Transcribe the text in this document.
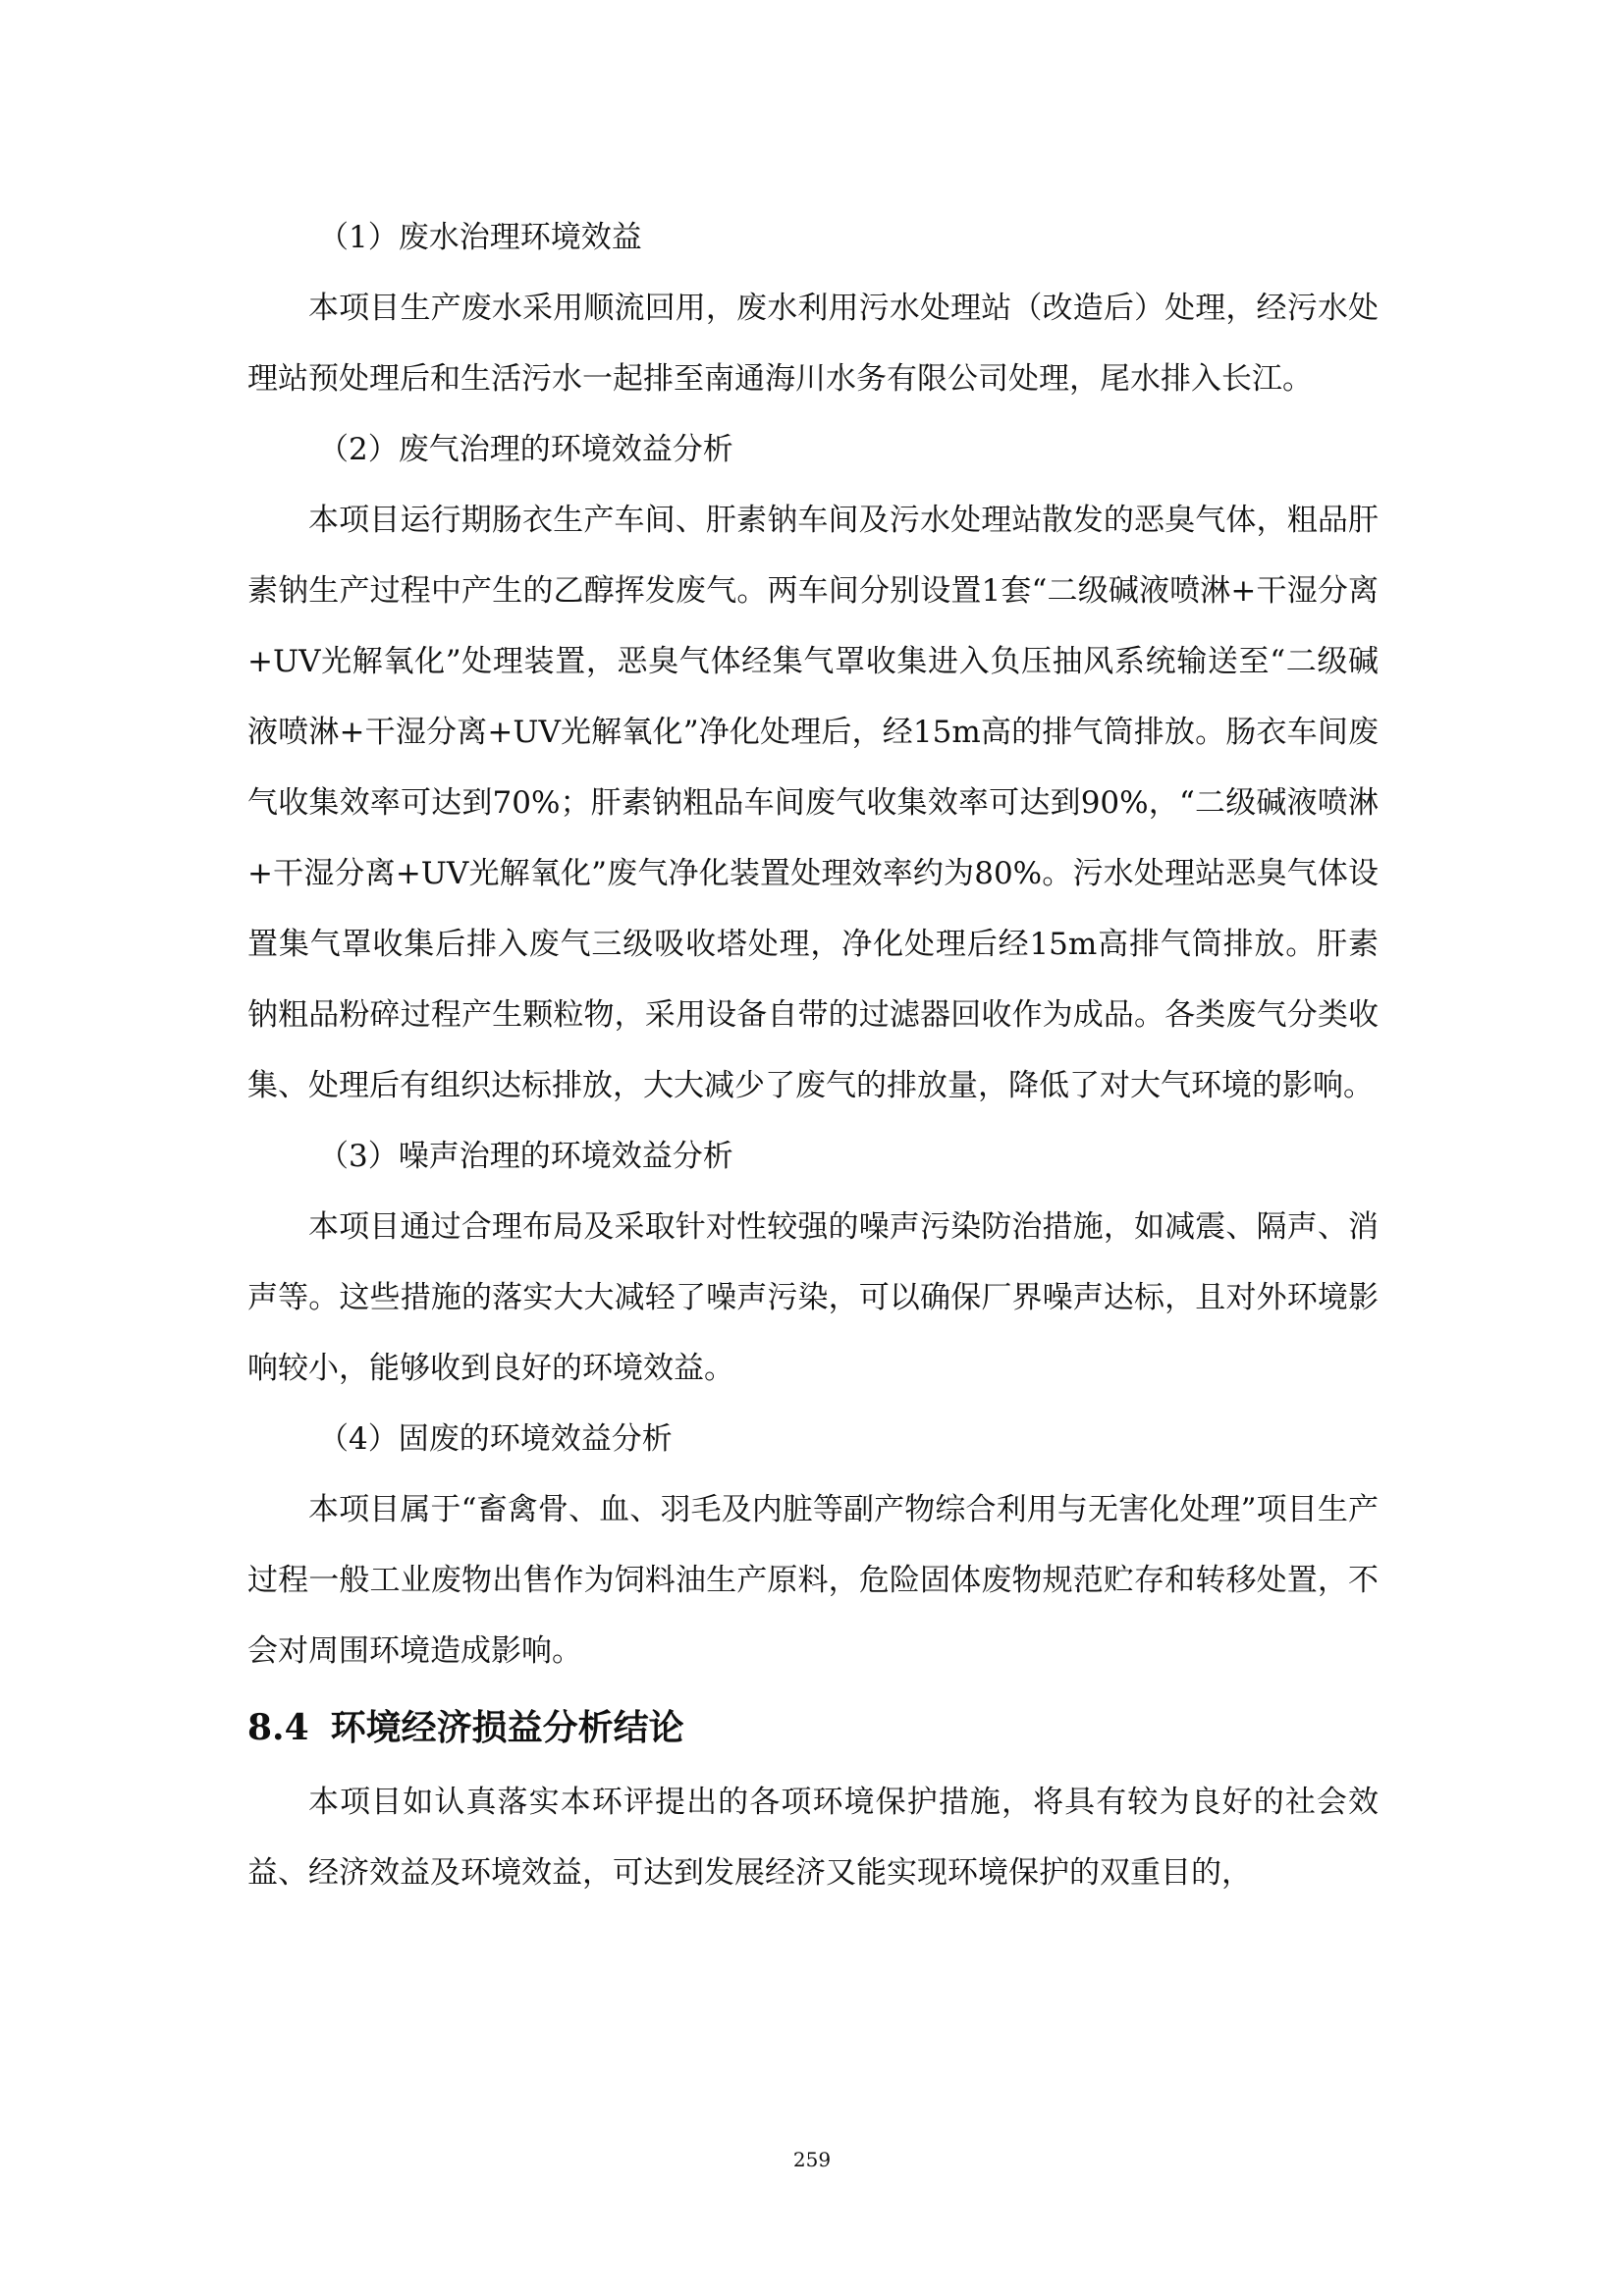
（1）废水治理环境效益

本项目生产废水采用顺流回用，废水利用污水处理站（改造后）处理，经污水处理站预处理后和生活污水一起排至南通海川水务有限公司处理，尾水排入长江。

（2）废气治理的环境效益分析

本项目运行期肠衣生产车间、肝素钠车间及污水处理站散发的恶臭气体，粗品肝素钠生产过程中产生的乙醇挥发废气。两车间分别设置1套“二级碱液喷淋+干湿分离+UV光解氧化”处理装置，恶臭气体经集气罩收集进入负压抽风系统输送至“二级碱液喷淋+干湿分离+UV光解氧化”净化处理后，经15m高的排气筒排放。肠衣车间废气收集效率可达到70%；肝素钠粗品车间废气收集效率可达到90%，“二级碱液喷淋+干湿分离+UV光解氧化”废气净化装置处理效率约为80%。污水处理站恶臭气体设置集气罩收集后排入废气三级吸收塔处理，净化处理后经15m高排气筒排放。肝素钠粗品粉碎过程产生颗粒物，采用设备自带的过滤器回收作为成品。各类废气分类收集、处理后有组织达标排放，大大减少了废气的排放量，降低了对大气环境的影响。

（3）噪声治理的环境效益分析

本项目通过合理布局及采取针对性较强的噪声污染防治措施，如减震、隔声、消声等。这些措施的落实大大减轻了噪声污染，可以确保厂界噪声达标，且对外环境影响较小，能够收到良好的环境效益。

（4）固废的环境效益分析

本项目属于“畜禽骨、血、羽毛及内脏等副产物综合利用与无害化处理”项目生产过程一般工业废物出售作为饲料油生产原料，危险固体废物规范贮存和转移处置，不会对周围环境造成影响。

8.4 环境经济损益分析结论

本项目如认真落实本环评提出的各项环境保护措施，将具有较为良好的社会效益、经济效益及环境效益，可达到发展经济又能实现环境保护的双重目的，

259
